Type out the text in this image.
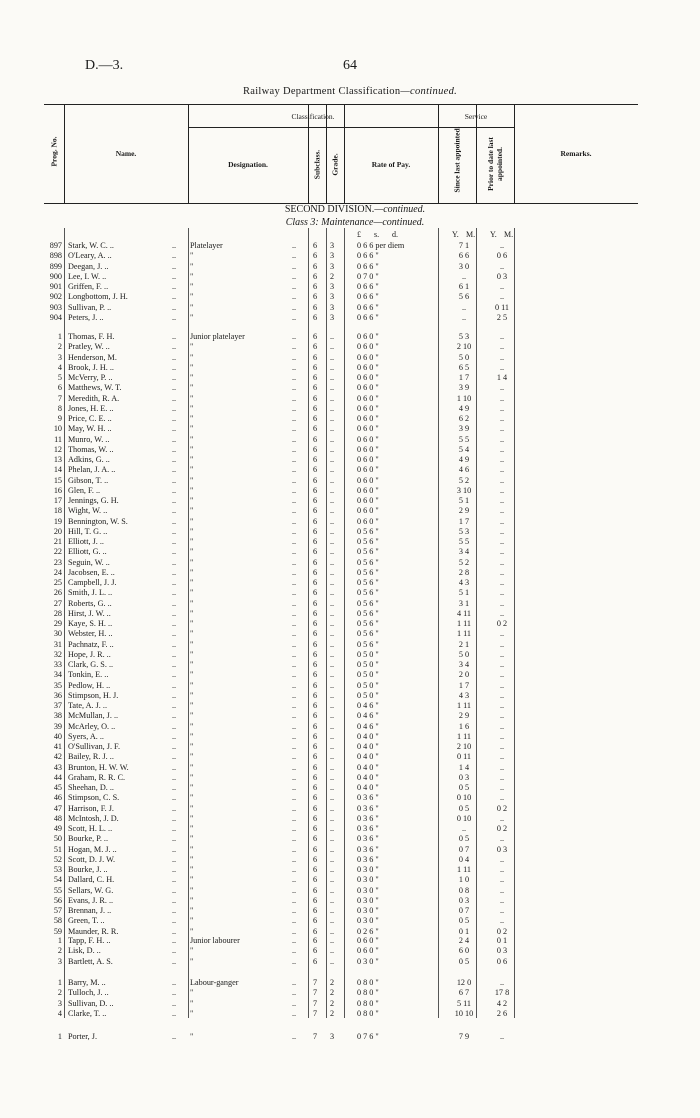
D.—3.	64
Railway Department Classification—continued.
Prog. No.	Name.
Classification.
Designation.	Subclass. Grade.	Rate of Pay.
Service
Since last appointed.	Prior to date last appointed.	Remarks.
SECOND DIVISION.—continued.
Class 3: Maintenance—continued.
£ s. d.	Y. M. Y. M.
897 Stark, W. C. ..	Platelayer	6	3	0 6 6 per diem	7 1	..
..	..
898 O'Leary, A. ..	"	6	3	0 6 6 "	6 6	0 6
..	..
899 Deegan, J. ..	"	6	3	0 6 6 "	3 0	..
..	..
900 Lee, I. W. ..	"	6	2	0 7 0 "	..	0 3
..	..
901 Griffen, F. ..	"	6	3	0 6 6 "	6 1	..
..	..
902 Longbottom, J. H.	"	6	3	0 6 6 "	5 6	..
..	..
903 Sullivan, P. ..	"	6	3	0 6 6 "	..	0 11
..	..
904 Peters, J. ..	"	6	3	0 6 6 "	..	2 5
..	..
1 Thomas, F. H.	Junior platelayer	6	..	0 6 0 "	5 3	..
..	..
2 Pratley, W. ..	"	6	..	0 6 0 "	2 10	..
..	..
3 Henderson, M.	"	6	..	0 6 0 "	5 0	..
..	..
4 Brook, J. H. ..	"	6	..	0 6 0 "	6 5	..
..	..
5 McVerry, P. ..	"	6	..	0 6 0 "	1 7	1 4
..	..
6 Matthews, W. T.	"	6	..	0 6 0 "	3 9	..
..	..
7 Meredith, R. A.	"	6	..	0 6 0 "	1 10	..
..	..
8 Jones, H. E. ..	"	6	..	0 6 0 "	4 9	..
..	..
9 Price, C. E. ..	"	6	..	0 6 0 "	6 2	..
..	..
10 May, W. H. ..	"	6	..	0 6 0 "	3 9	..
..	..
11 Munro, W. ..	"	6	..	0 6 0 "	5 5	..
..	..
12 Thomas, W. ..	"	6	..	0 6 0 "	5 4	..
..	..
13 Adkins, G. ..	"	6	..	0 6 0 "	4 9	..
..	..
14 Phelan, J. A. ..	"	6	..	0 6 0 "	4 6	..
..	..
15 Gibson, T. ..	"	6	..	0 6 0 "	5 2	..
..	..
16 Glen, F. ..	"	6	..	0 6 0 "	3 10	..
..	..
17 Jennings, G. H.	"	6	..	0 6 0 "	5 1	..
..	..
18 Wight, W. ..	"	6	..	0 6 0 "	2 9	..
..	..
19 Bennington, W. S.	"	6	..	0 6 0 "	1 7	..
..	..
20 Hill, T. G. ..	"	6	..	0 5 6 "	5 3	..
..	..
21 Elliott, J. ..	"	6	..	0 5 6 "	5 5	..
..	..
22 Elliott, G. ..	"	6	..	0 5 6 "	3 4	..
..	..
23 Seguin, W. ..	"	6	..	0 5 6 "	5 2	..
..	..
24 Jacobsen, E. ..	"	6	..	0 5 6 "	2 8	..
..	..
25 Campbell, J. J.	"	6	..	0 5 6 "	4 3	..
..	..
26 Smith, J. L. ..	"	6	..	0 5 6 "	5 1	..
..	..
27 Roberts, G. ..	"	6	..	0 5 6 "	3 1	..
..	..
28 Hirst, J. W. ..	"	6	..	0 5 6 "	4 11	..
..	..
29 Kaye, S. H. ..	"	6	..	0 5 6 "	1 11	0 2
..	..
30 Webster, H. ..	"	6	..	0 5 6 "	1 11	..
..	..
31 Pachnatz, F. ..	"	6	..	0 5 6 "	2 1	..
..	..
32 Hope, J. R. ..	"	6	..	0 5 0 "	5 0	..
..	..
33 Clark, G. S. ..	"	6	..	0 5 0 "	3 4	..
..	..
34 Tonkin, E. ..	"	6	..	0 5 0 "	2 0	..
..	..
35 Pedlow, H. ..	"	6	..	0 5 0 "	1 7	..
..	..
36 Stimpson, H. J.	"	6	..	0 5 0 "	4 3	..
..	..
37 Tate, A. J. ..	"	6	..	0 4 6 "	1 11	..
..	..
38 McMullan, J. ..	"	6	..	0 4 6 "	2 9	..
..	..
39 McArley, O. ..	"	6	..	0 4 6 "	1 6	..
..	..
40 Syers, A. ..	"	6	..	0 4 0 "	1 11	..
..	..
41 O'Sullivan, J. F.	"	6	..	0 4 0 "	2 10	..
..	..
42 Bailey, R. J. ..	"	6	..	0 4 0 "	0 11	..
..	..
43 Brunton, H. W. W.	"	6	..	0 4 0 "	1 4	..
..	..
44 Graham, R. R. C.	"	6	..	0 4 0 "	0 3	..
..	..
45 Sheehan, D. ..	"	6	..	0 4 0 "	0 5	..
..	..
46 Stimpson, C. S.	"	6	..	0 3 6 "	0 10	..
..	..
47 Harrison, F. J.	"	6	..	0 3 6 "	0 5	0 2
..	..
48 McIntosh, J. D.	"	6	..	0 3 6 "	0 10	..
..	..
49 Scott, H. L. ..	"	6	..	0 3 6 "	..	0 2
..	..
50 Bourke, P. ..	"	6	..	0 3 6 "	0 5	..
..	..
51 Hogan, M. J. ..	"	6	..	0 3 6 "	0 7	0 3
..	..
52 Scott, D. J. W.	"	6	..	0 3 6 "	0 4	..
..	..
53 Bourke, J. ..	"	6	..	0 3 0 "	1 11	..
..	..
54 Dallard, C. H.	"	6	..	0 3 0 "	1 0	..
..	..
55 Sellars, W. G.	"	6	..	0 3 0 "	0 8	..
..	..
56 Evans, J. R. ..	"	6	..	0 3 0 "	0 3	..
..	..
57 Brennan, J. ..	"	6	..	0 3 0 "	0 7	..
..	..
58 Green, T. ..	"	6	..	0 3 0 "	0 5	..
..	..
59 Maunder, R. R.	"	6	..	0 2 6 "	0 1	0 2
..	..
1 Tapp, F. H. ..	Junior labourer	6	..	0 6 0 "	2 4	0 1
..	..
2 Lisk, D. ..	"	6	..	0 6 0 "	6 0	0 3
..	..
3 Bartlett, A. S.	"	6	..	0 3 0 "	0 5	0 6
..	..
1 Barry, M. ..	Labour-ganger	7	2	0 8 0 "	12 0	..
..	..
2 Tulloch, J. ..	"	7	2	0 8 0 "	6 7	17 8
..	..
3 Sullivan, D. ..	"	7	2	0 8 0 "	5 11	4 2
..	..
4 Clarke, T. ..	"	7	2	0 8 0 "	10 10	2 6
..	..
1 Porter, J.	"	7	3	0 7 6 "	7 9	..
..	..
